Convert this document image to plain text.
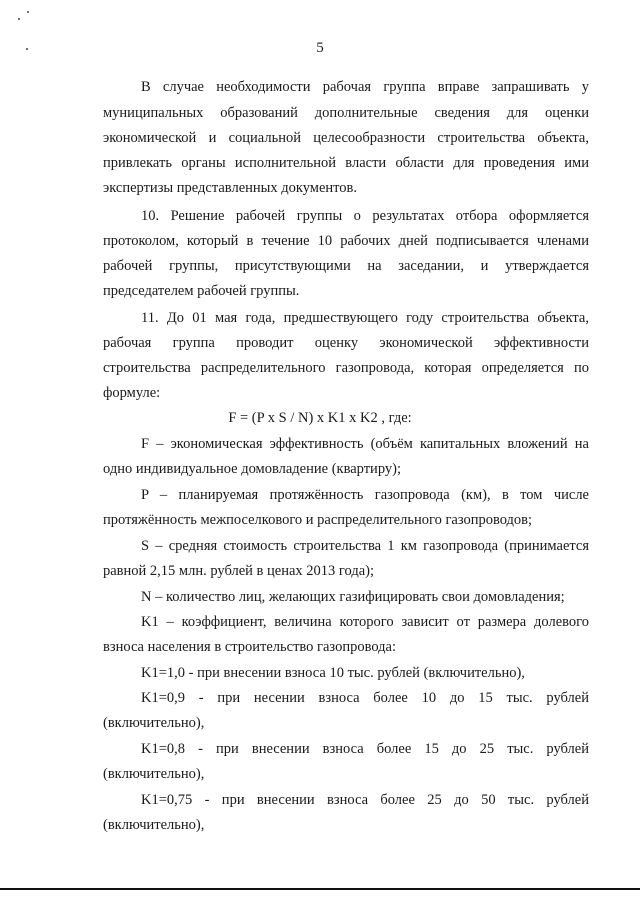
5
В случае необходимости рабочая группа вправе запрашивать у
муниципальных образований дополнительные сведения для оценки
экономической и социальной целесообразности строительства объекта,
привлекать органы исполнительной власти области для проведения ими
экспертизы представленных документов.
10. Решение рабочей группы о результатах отбора оформляется
протоколом, который в течение 10 рабочих дней подписывается членами
рабочей группы, присутствующими на заседании, и утверждается
председателем рабочей группы.
11. До 01 мая года, предшествующего году строительства объекта,
рабочая группа проводит оценку экономической эффективности
строительства распределительного газопровода, которая определяется по
формуле:
F = (P x S / N) x K1 x K2 , где:
F – экономическая эффективность (объём капитальных вложений на
одно индивидуальное домовладение (квартиру);
P – планируемая протяжённость газопровода (км), в том числе
протяжённость межпоселкового и распределительного газопроводов;
S – средняя стоимость строительства 1 км газопровода (принимается
равной 2,15 млн. рублей в ценах 2013 года);
N – количество лиц, желающих газифицировать свои домовладения;
K1 – коэффициент, величина которого зависит от размера долевого
взноса населения в строительство газопровода:
K1=1,0 - при внесении взноса 10 тыс. рублей (включительно),
K1=0,9 - при несении взноса более 10 до 15 тыс. рублей
(включительно),
K1=0,8 - при внесении взноса более 15 до 25 тыс. рублей
(включительно),
K1=0,75 - при внесении взноса более 25 до 50 тыс. рублей
(включительно),
